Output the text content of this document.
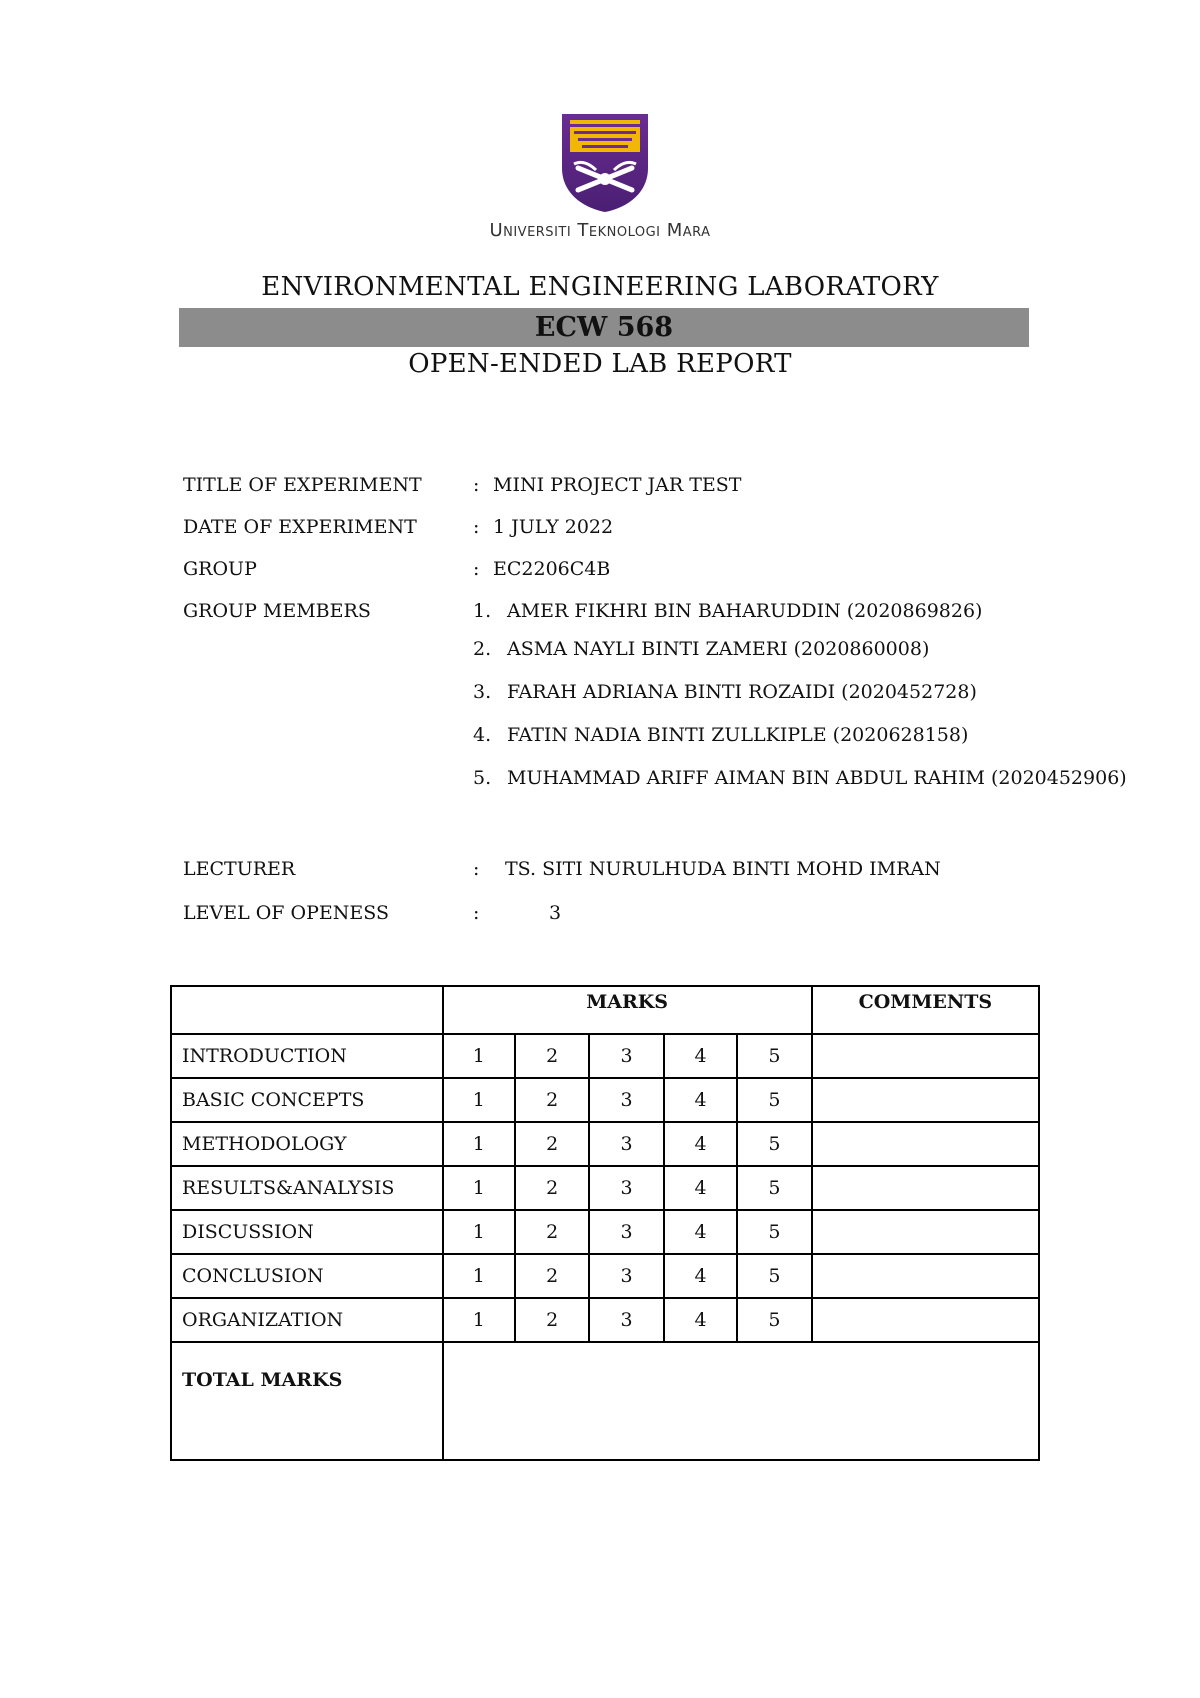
Universiti Teknologi Mara
ENVIRONMENTAL ENGINEERING LABORATORY
ECW 568
OPEN-ENDED LAB REPORT
TITLE OF EXPERIMENT	: MINI PROJECT JAR TEST
DATE OF EXPERIMENT	: 1 JULY 2022
GROUP	: EC2206C4B
GROUP MEMBERS	1. AMER FIKHRI BIN BAHARUDDIN (2020869826)
2. ASMA NAYLI BINTI ZAMERI (2020860008)
3. FARAH ADRIANA BINTI ROZAIDI (2020452728)
4. FATIN NADIA BINTI ZULLKIPLE (2020628158)
5. MUHAMMAD ARIFF AIMAN BIN ABDUL RAHIM (2020452906)
LECTURER	: TS. SITI NURULHUDA BINTI MOHD IMRAN
LEVEL OF OPENESS	:	3
	MARKS					COMMENTS
INTRODUCTION	1	2	3	4	5	
BASIC CONCEPTS	1	2	3	4	5	
METHODOLOGY	1	2	3	4	5	
RESULTS&ANALYSIS	1	2	3	4	5	
DISCUSSION	1	2	3	4	5	
CONCLUSION	1	2	3	4	5	
ORGANIZATION	1	2	3	4	5	
TOTAL MARKS						
